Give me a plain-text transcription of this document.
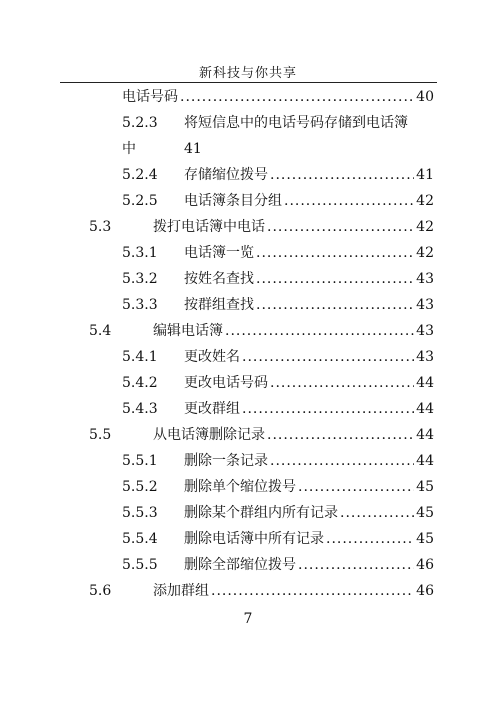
新科技与你共享
电话号码 .....	40
5.2.3	将短信息中的电话号码存储到电话簿
中	41
5.2.4	存储缩位拨号 .....	41
5.2.5	电话簿条目分组 .....	42
5.3	拨打电话簿中电话 .....	42
5.3.1	电话簿一览 .....	42
5.3.2	按姓名查找 .....	43
5.3.3	按群组查找 .....	43
5.4	编辑电话簿 .....	43
5.4.1	更改姓名 .....	43
5.4.2	更改电话号码 .....	44
5.4.3	更改群组 .....	44
5.5	从电话簿删除记录 .....	44
5.5.1	删除一条记录 .....	44
5.5.2	删除单个缩位拨号 .....	45
5.5.3	删除某个群组内所有记录 .....	45
5.5.4	删除电话簿中所有记录 .....	45
5.5.5	删除全部缩位拨号 .....	46
5.6	添加群组 .....	46
7
